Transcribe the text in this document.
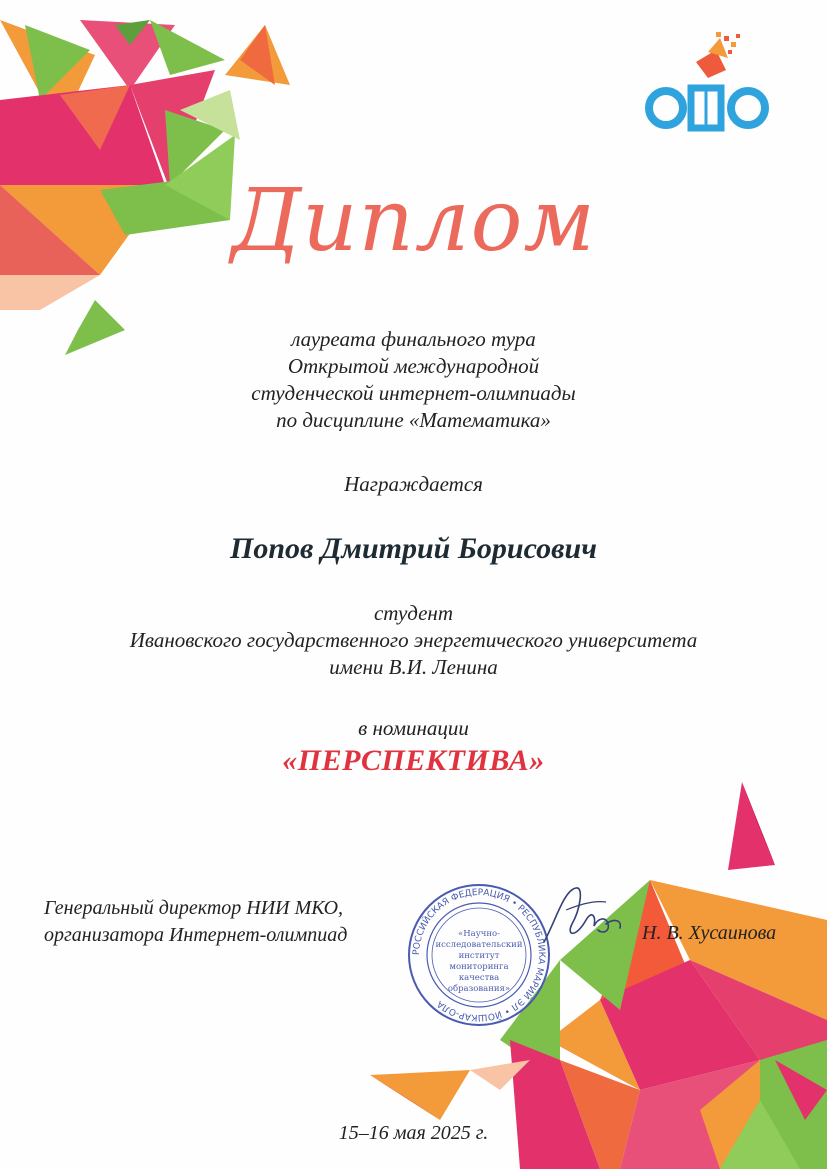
Диплом
лауреата финального тура
Открытой международной
студенческой интернет-олимпиады
по дисциплине «Математика»
Награждается
Попов Дмитрий Борисович
студент
Ивановского государственного энергетического университета
имени В.И. Ленина
в номинации
«ПЕРСПЕКТИВА»
Генеральный директор НИИ МКО,
организатора Интернет-олимпиад
РОССИЙСКАЯ ФЕДЕРАЦИЯ • РЕСПУБЛИКА МАРИЙ ЭЛ • ЙОШКАР-ОЛА
«Научно-
исследовательский
институт
мониторинга
качества
образования»
Н. В. Хусаинова
15–16 мая 2025 г.
